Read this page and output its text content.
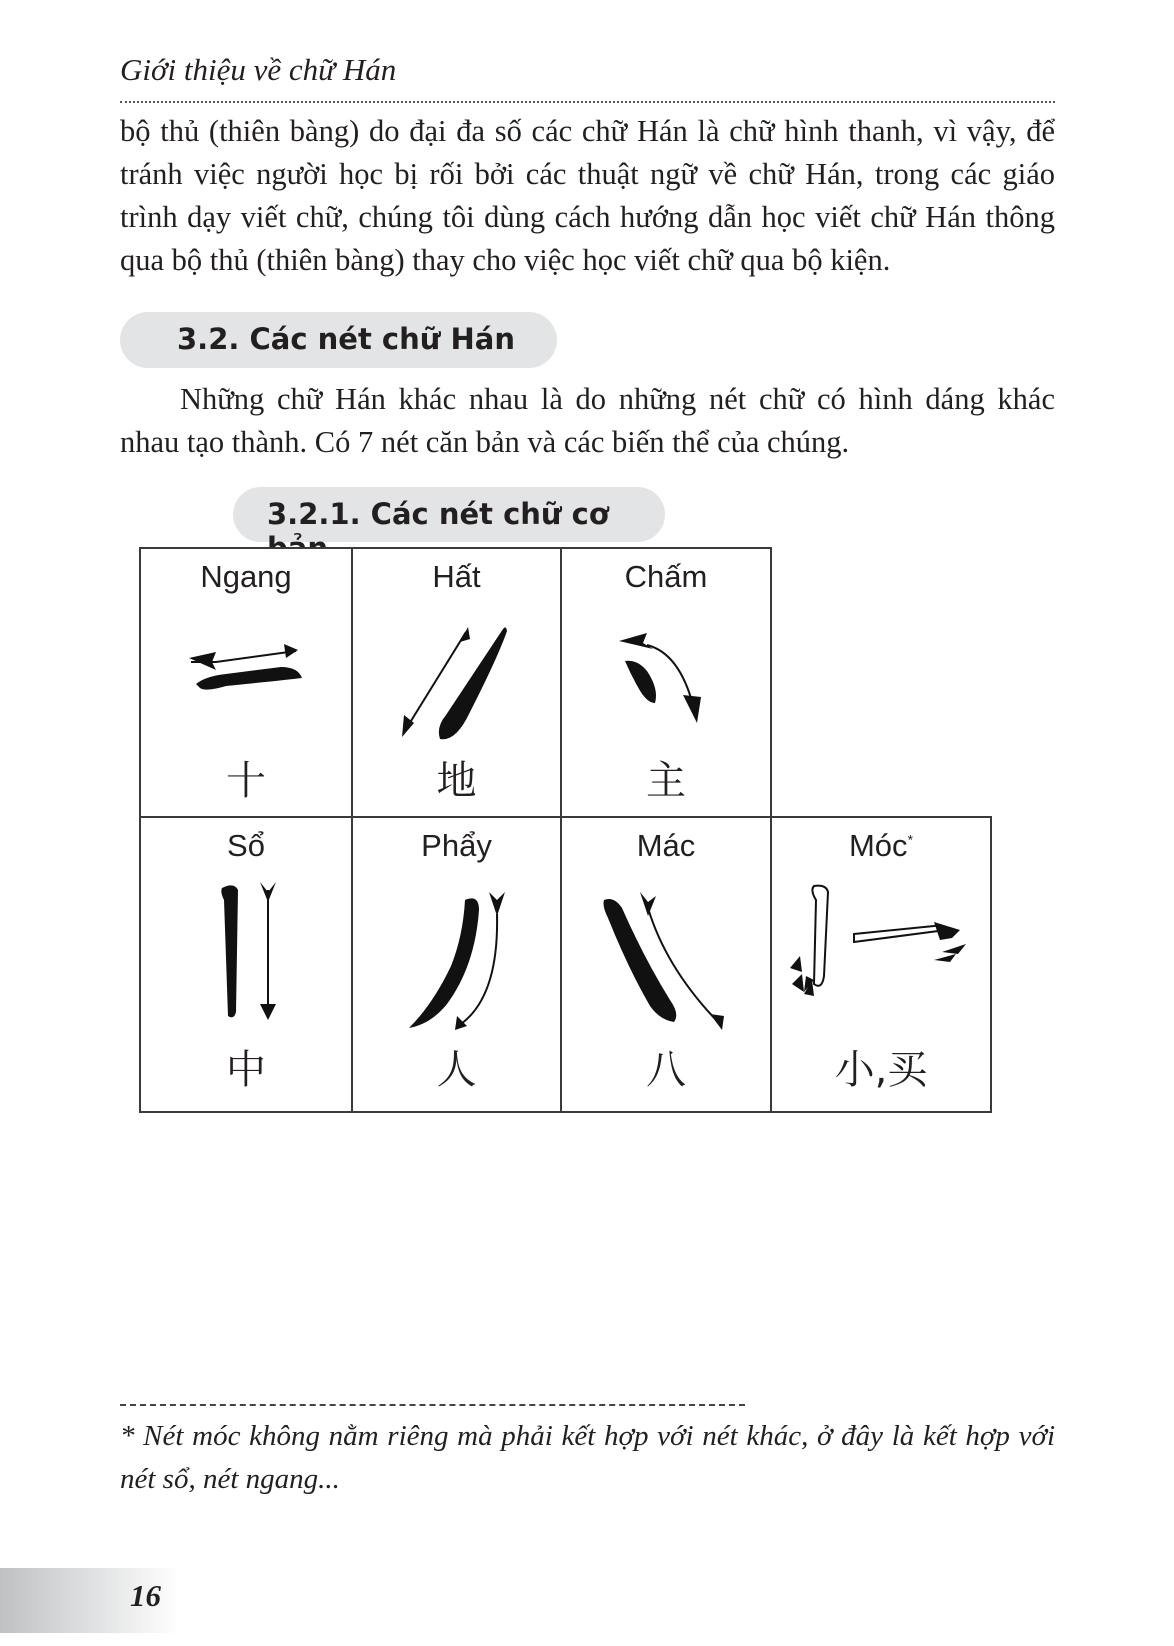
Giới thiệu về chữ Hán

bộ thủ (thiên bàng) do đại đa số các chữ Hán là chữ hình thanh, vì vậy, để tránh việc người học bị rối bởi các thuật ngữ về chữ Hán, trong các giáo trình dạy viết chữ, chúng tôi dùng cách hướng dẫn học viết chữ Hán thông qua bộ thủ (thiên bàng) thay cho việc học viết chữ qua bộ kiện.

3.2. Các nét chữ Hán

Những chữ Hán khác nhau là do những nét chữ có hình dáng khác nhau tạo thành. Có 7 nét căn bản và các biến thể của chúng.

3.2.1. Các nét chữ cơ
Ngang
十
Hất
地
Chấm
主
Sổ
中
Phẩy
人
Mác
八
Móc*
小,买

* Nét móc không nằm riêng mà phải kết hợp với nét khác, ở đây là kết hợp với nét sổ, nét ngang...

16
